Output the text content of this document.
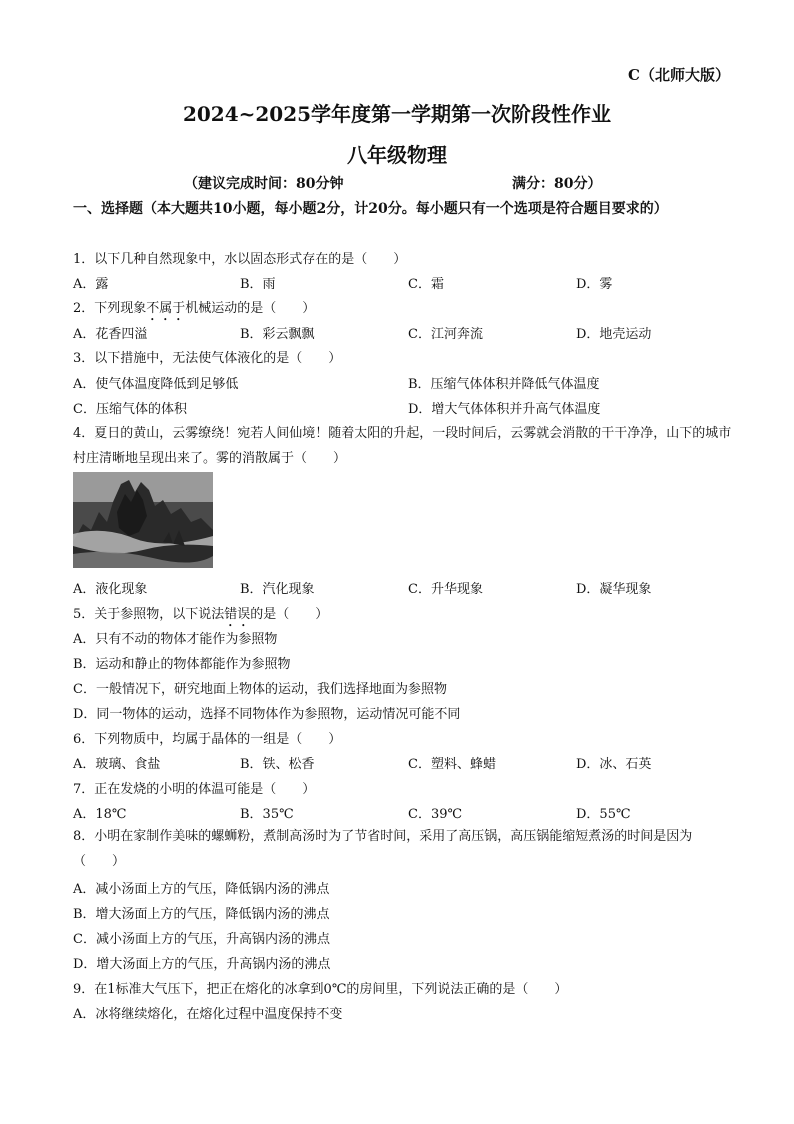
C（北师大版）
2024~2025学年度第一学期第一次阶段性作业
八年级物理
（建议完成时间：80分钟	满分：80分）
一、选择题（本大题共10小题，每小题2分，计20分。每小题只有一个选项是符合题目要求的）
1．以下几种自然现象中，水以固态形式存在的是（　　）
A．露	B．雨	C．霜	D．雾
2．下列现象不属于机械运动的是（　　）
A．花香四溢	B．彩云飘飘	C．江河奔流	D．地壳运动
3．以下措施中，无法使气体液化的是（　　）
A．使气体温度降低到足够低	B．压缩气体体积并降低气体温度
C．压缩气体的体积	D．增大气体体积并升高气体温度
4．夏日的黄山，云雾缭绕！宛若人间仙境！随着太阳的升起，一段时间后，云雾就会消散的干干净净，山下的城市村庄清晰地呈现出来了。雾的消散属于（　　）
A．液化现象	B．汽化现象	C．升华现象	D．凝华现象
5．关于参照物，以下说法错误的是（　　）
A．只有不动的物体才能作为参照物
B．运动和静止的物体都能作为参照物
C．一般情况下，研究地面上物体的运动，我们选择地面为参照物
D．同一物体的运动，选择不同物体作为参照物，运动情况可能不同
6．下列物质中，均属于晶体的一组是（　　）
A．玻璃、食盐	B．铁、松香	C．塑料、蜂蜡	D．冰、石英
7．正在发烧的小明的体温可能是（　　）
A．18℃	B．35℃	C．39℃	D．55℃
8．小明在家制作美味的螺蛳粉，煮制高汤时为了节省时间，采用了高压锅，高压锅能缩短煮汤的时间是因为（　　）
A．减小汤面上方的气压，降低锅内汤的沸点
B．增大汤面上方的气压，降低锅内汤的沸点
C．减小汤面上方的气压，升高锅内汤的沸点
D．增大汤面上方的气压，升高锅内汤的沸点
9．在1标准大气压下，把正在熔化的冰拿到0℃的房间里，下列说法正确的是（　　）
A．冰将继续熔化，在熔化过程中温度保持不变
